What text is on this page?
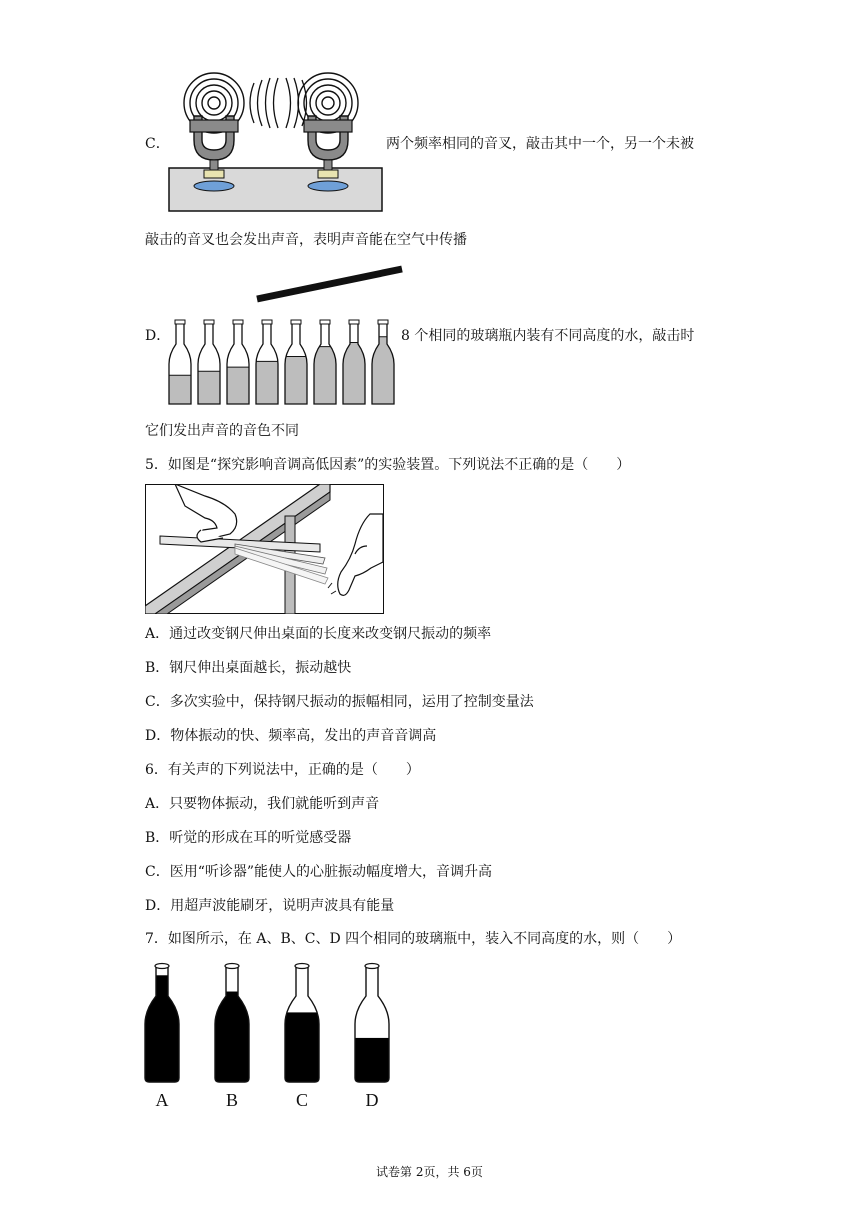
C．	两个频率相同的音叉，敲击其中一个，另一个未被
敲击的音叉也会发出声音，表明声音能在空气中传播
D．	8 个相同的玻璃瓶内装有不同高度的水，敲击时
它们发出声音的音色不同
5．如图是“探究影响音调高低因素”的实验装置。下列说法不正确的是（　　）
A．通过改变钢尺伸出桌面的长度来改变钢尺振动的频率
B．钢尺伸出桌面越长，振动越快
C．多次实验中，保持钢尺振动的振幅相同，运用了控制变量法
D．物体振动的快、频率高，发出的声音音调高
6．有关声的下列说法中，正确的是（　　）
A．只要物体振动，我们就能听到声音
B．听觉的形成在耳的听觉感受器
C．医用“听诊器”能使人的心脏振动幅度增大，音调升高
D．用超声波能刷牙，说明声波具有能量
7．如图所示，在 A、B、C、D 四个相同的玻璃瓶中，装入不同高度的水，则（　　）
A	B	C	D
试卷第 2页，共 6页
